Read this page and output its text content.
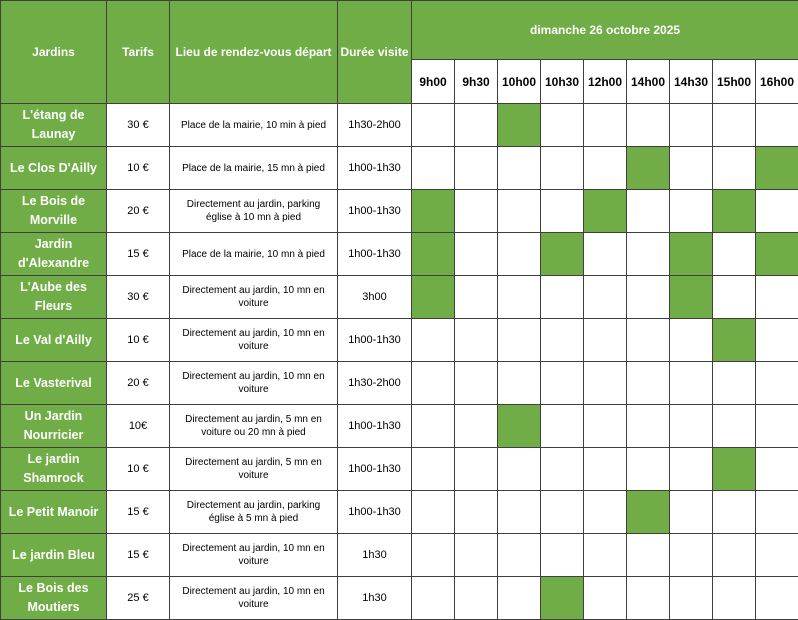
Jardins	Tarifs	Lieu de rendez-vous départ	Durée visite	dimanche 26 octobre 2025								
				9h00	9h30	10h00	10h30	12h00	14h00	14h30	15h00	16h00
L'étang de Launay	30 €	Place de la mairie, 10 min à pied	1h30-2h00									
Le Clos D'Ailly	10 €	Place de la mairie, 15 mn à pied	1h00-1h30									
Le Bois de Morville	20 €	Directement au jardin, parking église à 10 mn à pied	1h00-1h30									
Jardin d'Alexandre	15 €	Place de la mairie, 10 mn à pied	1h00-1h30									
L'Aube des Fleurs	30 €	Directement au jardin, 10 mn en voiture	3h00									
Le Val d'Ailly	10 €	Directement au jardin, 10 mn en voiture	1h00-1h30									
Le Vasterival	20 €	Directement au jardin, 10 mn en voiture	1h30-2h00									
Un Jardin Nourricier	10€	Directement au jardin, 5 mn en voiture ou 20 mn à pied	1h00-1h30									
Le jardin Shamrock	10 €	Directement au jardin, 5 mn en voiture	1h00-1h30									
Le Petit Manoir	15 €	Directement au jardin, parking église à 5 mn à pied	1h00-1h30									
Le jardin Bleu	15 €	Directement au jardin, 10 mn en voiture	1h30									
Le Bois des Moutiers	25 €	Directement au jardin, 10 mn en voiture	1h30									
